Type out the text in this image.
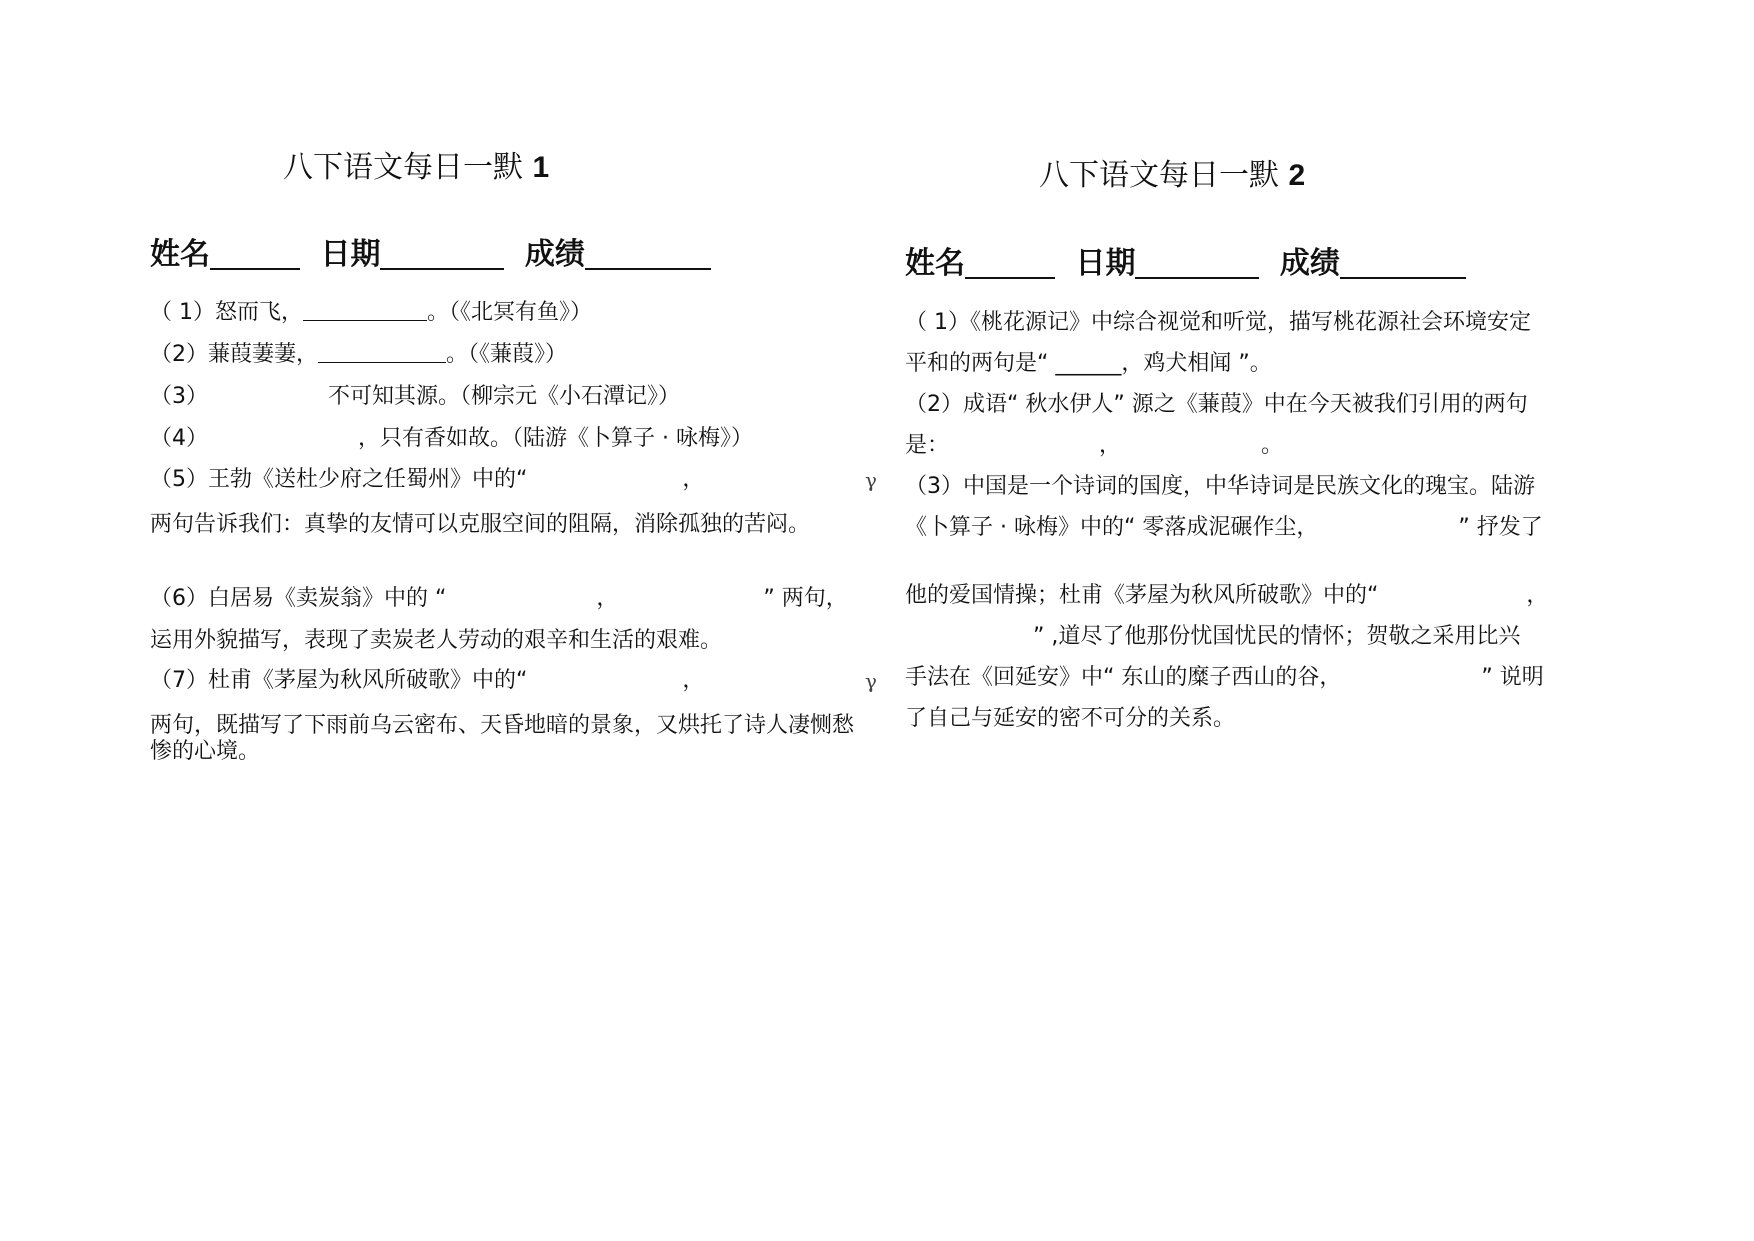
八下语文每日一默 1
姓名	日期	成绩
（ 1）怒而飞，	。（《北冥有鱼》）
（2）蒹葭萋萋，	。（《蒹葭》）
（3）	不可知其源。（柳宗元《小石潭记》）
（4）	，只有香如故。（陆游《卜算子 · 咏梅》）
（5）王勃《送杜少府之任蜀州》中的“	，	γ
两句告诉我们：真挚的友情可以克服空间的阻隔，消除孤独的苦闷。
（6）白居易《卖炭翁》中的 “	，	” 两句，
运用外貌描写，表现了卖炭老人劳动的艰辛和生活的艰难。
（7）杜甫《茅屋为秋风所破歌》中的“	，	γ
两句，既描写了下雨前乌云密布、天昏地暗的景象，又烘托了诗人凄恻愁惨的心境。
八下语文每日一默 2
姓名	日期	成绩
（ 1）《桃花源记》中综合视觉和听觉，描写桃花源社会环境安定
平和的两句是“ ______，鸡犬相闻 ”。
（2）成语“ 秋水伊人” 源之《蒹葭》中在今天被我们引用的两句
是：	，	。
（3）中国是一个诗词的国度，中华诗词是民族文化的瑰宝。陆游
《卜算子 · 咏梅》中的“ 零落成泥碾作尘，	” 抒发了
他的爱国情操；杜甫《茅屋为秋风所破歌》中的“	，
” ,道尽了他那份忧国忧民的情怀；贺敬之采用比兴
手法在《回延安》中“ 东山的糜子西山的谷，	” 说明
了自己与延安的密不可分的关系。
